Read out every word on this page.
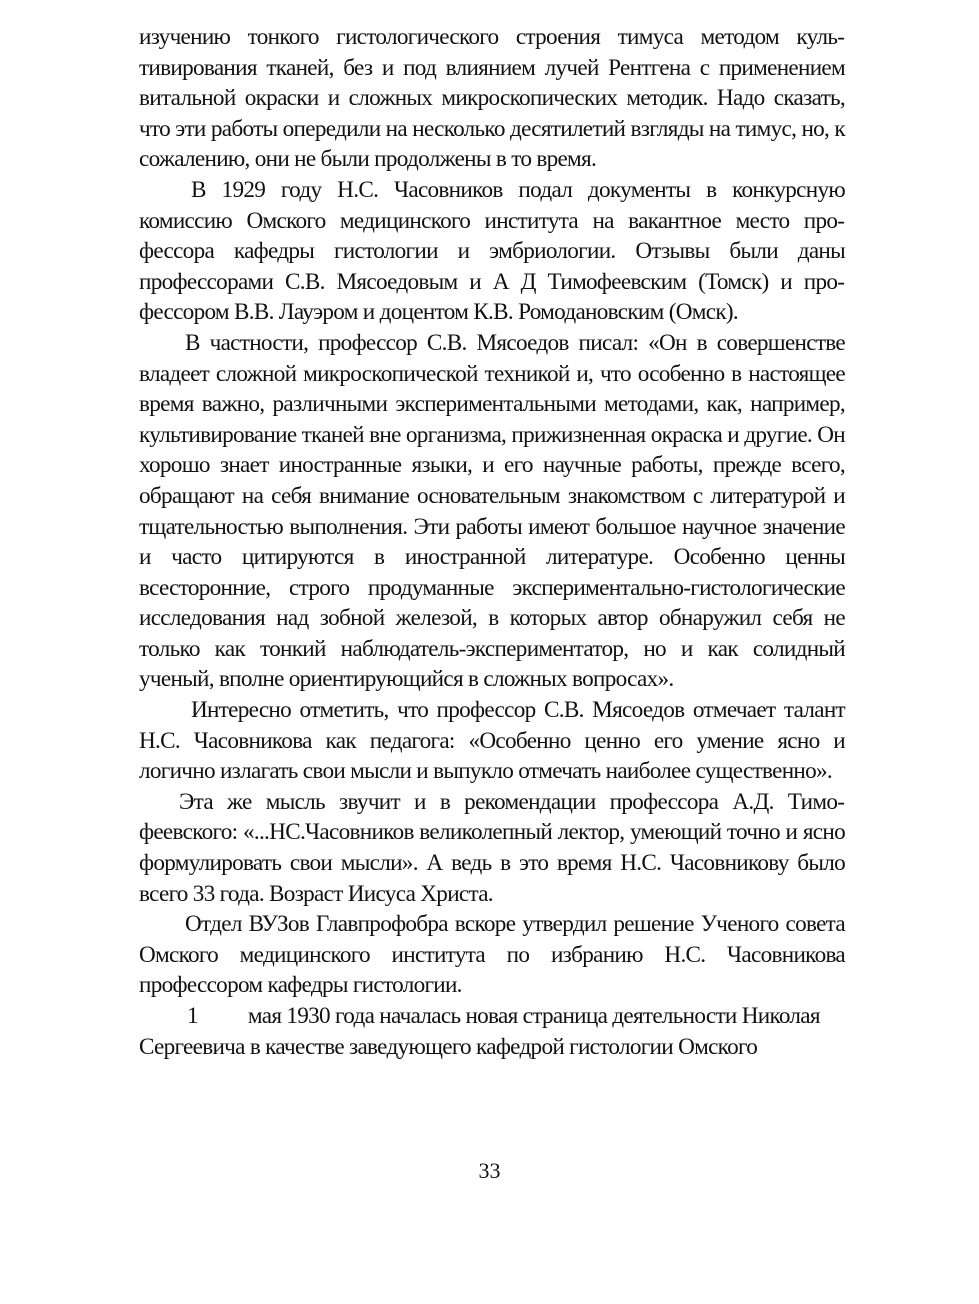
изучению тонкого гистологического строения тимуса методом культивирования тканей, без и под влиянием лучей Рентгена с применением витальной окраски и сложных микроскопических методик. Надо сказать, что эти работы опередили на несколько десятилетий взгляды на тимус, но, к сожалению, они не были продолжены в то время.

В 1929 году Н.С. Часовников подал документы в конкурсную комиссию Омского медицинского института на вакантное место профессора кафедры гистологии и эмбриологии. Отзывы были даны профессорами С.В. Мясоедовым и А Д Тимофеевским (Томск) и профессором В.В. Лауэром и доцентом К.В. Ромодановским (Омск).

В частности, профессор С.В. Мясоедов писал: «Он в совершенстве владеет сложной микроскопической техникой и, что особенно в настоящее время важно, различными экспериментальными методами, как, например, культивирование тканей вне организма, прижизненная окраска и другие. Он хорошо знает иностранные языки, и его научные работы, прежде всего, обращают на себя внимание основательным знакомством с литературой и тщательностью выполнения. Эти работы имеют большое научное значение и часто цитируются в иностранной литературе. Особенно ценны всесторонние, строго продуманные экспериментально-гистологические исследования над зобной железой, в которых автор обнаружил себя не только как тонкий наблюдатель-экспериментатор, но и как солидный ученый, вполне ориентирующийся в сложных вопросах».

Интересно отметить, что профессор С.В. Мясоедов отмечает талант Н.С. Часовникова как педагога: «Особенно ценно его умение ясно и логично излагать свои мысли и выпукло отмечать наиболее существенно».

Эта же мысль звучит и в рекомендации профессора А.Д. Тимофеевского: «...НС.Часовников великолепный лектор, умеющий точно и ясно формулировать свои мысли». А ведь в это время Н.С. Часовникову было всего 33 года. Возраст Иисуса Христа.

Отдел ВУЗов Главпрофобра вскоре утвердил решение Ученого совета Омского медицинского института по избранию Н.С. Часовникова профессором кафедры гистологии.

1 мая 1930 года началась новая страница деятельности Николая

Сергеевича в качестве заведующего кафедрой гистологии Омского

33
